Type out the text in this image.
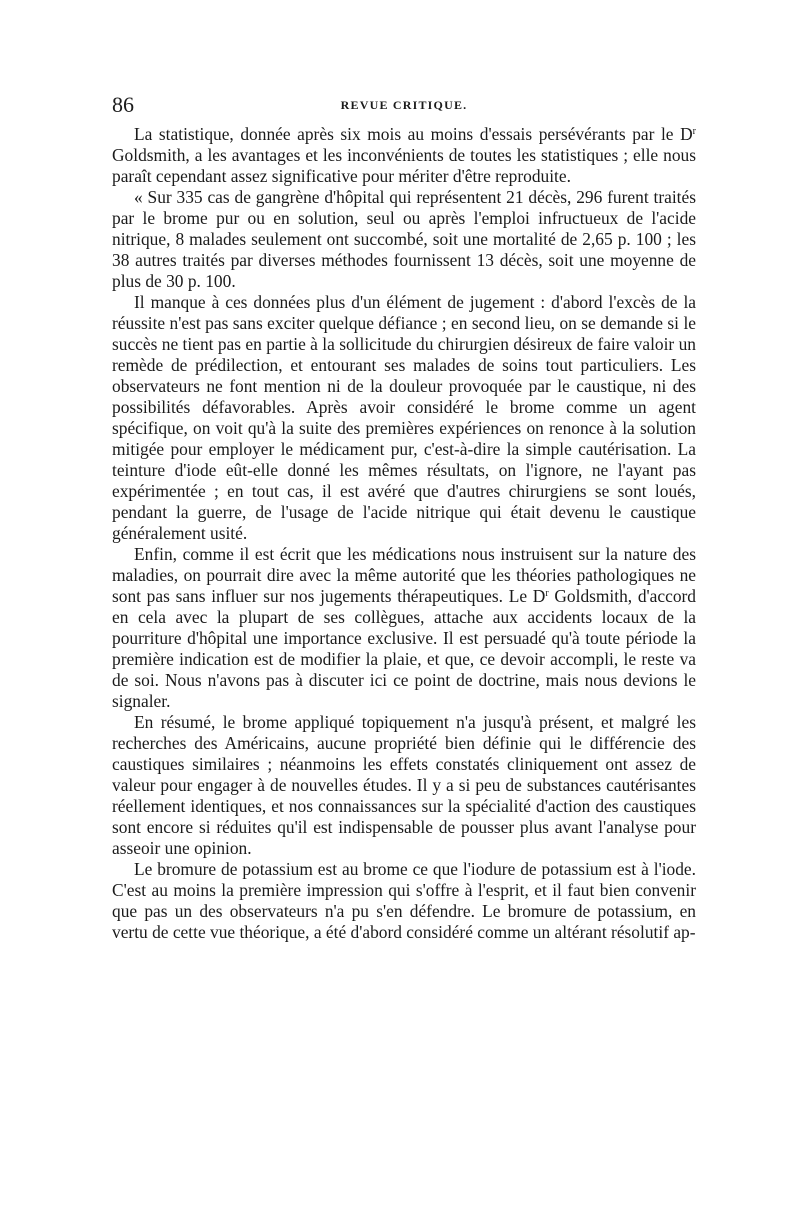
86	REVUE CRITIQUE.

La statistique, donnée après six mois au moins d'essais persévérants par le $D^r$ Goldsmith, a les avantages et les inconvénients de toutes les statistiques ; elle nous paraît cependant assez significative pour mériter d'être reproduite.

« Sur 335 cas de gangrène d'hôpital qui représentent 21 décès, 296 furent traités par le brome pur ou en solution, seul ou après l'emploi infructueux de l'acide nitrique, 8 malades seulement ont succombé, soit une mortalité de 2,65 p. 100 ; les 38 autres traités par diverses méthodes fournissent 13 décès, soit une moyenne de plus de 30 p. 100.

Il manque à ces données plus d'un élément de jugement : d'abord l'excès de la réussite n'est pas sans exciter quelque défiance ; en second lieu, on se demande si le succès ne tient pas en partie à la sollicitude du chirurgien désireux de faire valoir un remède de prédilection, et entourant ses malades de soins tout particuliers. Les observateurs ne font mention ni de la douleur provoquée par le caustique, ni des possibilités défavorables. Après avoir considéré le brome comme un agent spécifique, on voit qu'à la suite des premières expériences on renonce à la solution mitigée pour employer le médicament pur, c'est-à-dire la simple cautérisation. La teinture d'iode eût-elle donné les mêmes résultats, on l'ignore, ne l'ayant pas expérimentée ; en tout cas, il est avéré que d'autres chirurgiens se sont loués, pendant la guerre, de l'usage de l'acide nitrique qui était devenu le caustique généralement usité.

Enfin, comme il est écrit que les médications nous instruisent sur la nature des maladies, on pourrait dire avec la même autorité que les théories pathologiques ne sont pas sans influer sur nos jugements thérapeutiques. Le $D^r$ Goldsmith, d'accord en cela avec la plupart de ses collègues, attache aux accidents locaux de la pourriture d'hôpital une importance exclusive. Il est persuadé qu'à toute période la première indication est de modifier la plaie, et que, ce devoir accompli, le reste va de soi. Nous n'avons pas à discuter ici ce point de doctrine, mais nous devions le signaler.

En résumé, le brome appliqué topiquement n'a jusqu'à présent, et malgré les recherches des Américains, aucune propriété bien définie qui le différencie des caustiques similaires ; néanmoins les effets constatés cliniquement ont assez de valeur pour engager à de nouvelles études. Il y a si peu de substances cautérisantes réellement identiques, et nos connaissances sur la spécialité d'action des caustiques sont encore si réduites qu'il est indispensable de pousser plus avant l'analyse pour asseoir une opinion.

Le bromure de potassium est au brome ce que l'iodure de potassium est à l'iode. C'est au moins la première impression qui s'offre à l'esprit, et il faut bien convenir que pas un des observateurs n'a pu s'en défendre. Le bromure de potassium, en vertu de cette vue théorique, a été d'abord considéré comme un altérant résolutif ap-
